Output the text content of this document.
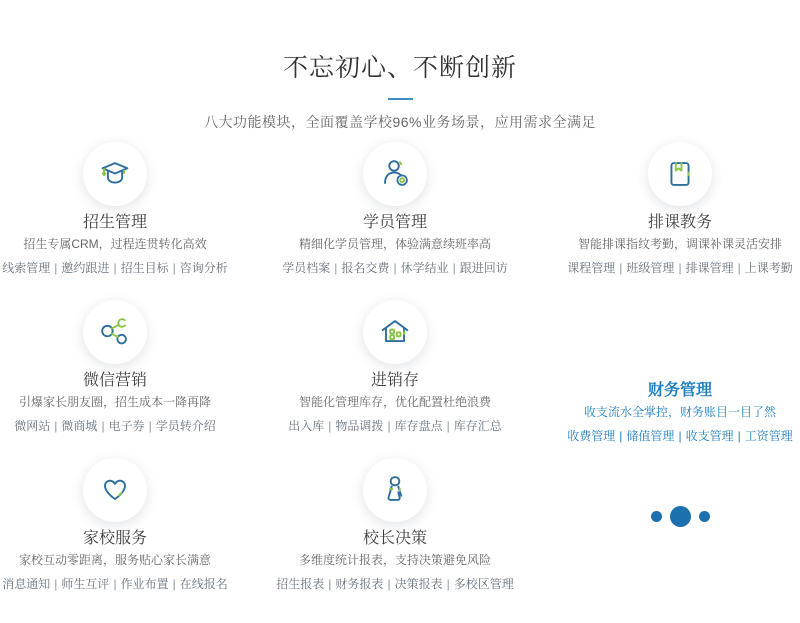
不忘初心、不断创新

八大功能模块，全面覆盖学校96%业务场景，应用需求全满足

招生管理
招生专属CRM，过程连贯转化高效
线索管理 | 邀约跟进 | 招生目标 | 咨询分析
学员管理
精细化学员管理，体验满意续班率高
学员档案 | 报名交费 | 休学结业 | 跟进回访
排课教务
智能排课指纹考勤，调课补课灵活安排
课程管理 | 班级管理 | 排课管理 | 上课考勤
微信营销
引爆家长朋友圈，招生成本一降再降
微网站 | 微商城 | 电子券 | 学员转介绍
进销存
智能化管理库存，优化配置杜绝浪费
出入库 | 物品调拨 | 库存盘点 | 库存汇总
财务管理
收支流水全掌控，财务账目一目了然
收费管理 | 储值管理 | 收支管理 | 工资管理
家校服务
家校互动零距离，服务贴心家长满意
消息通知 | 师生互评 | 作业布置 | 在线报名
校长决策
多维度统计报表，支持决策避免风险
招生报表 | 财务报表 | 决策报表 | 多校区管理
